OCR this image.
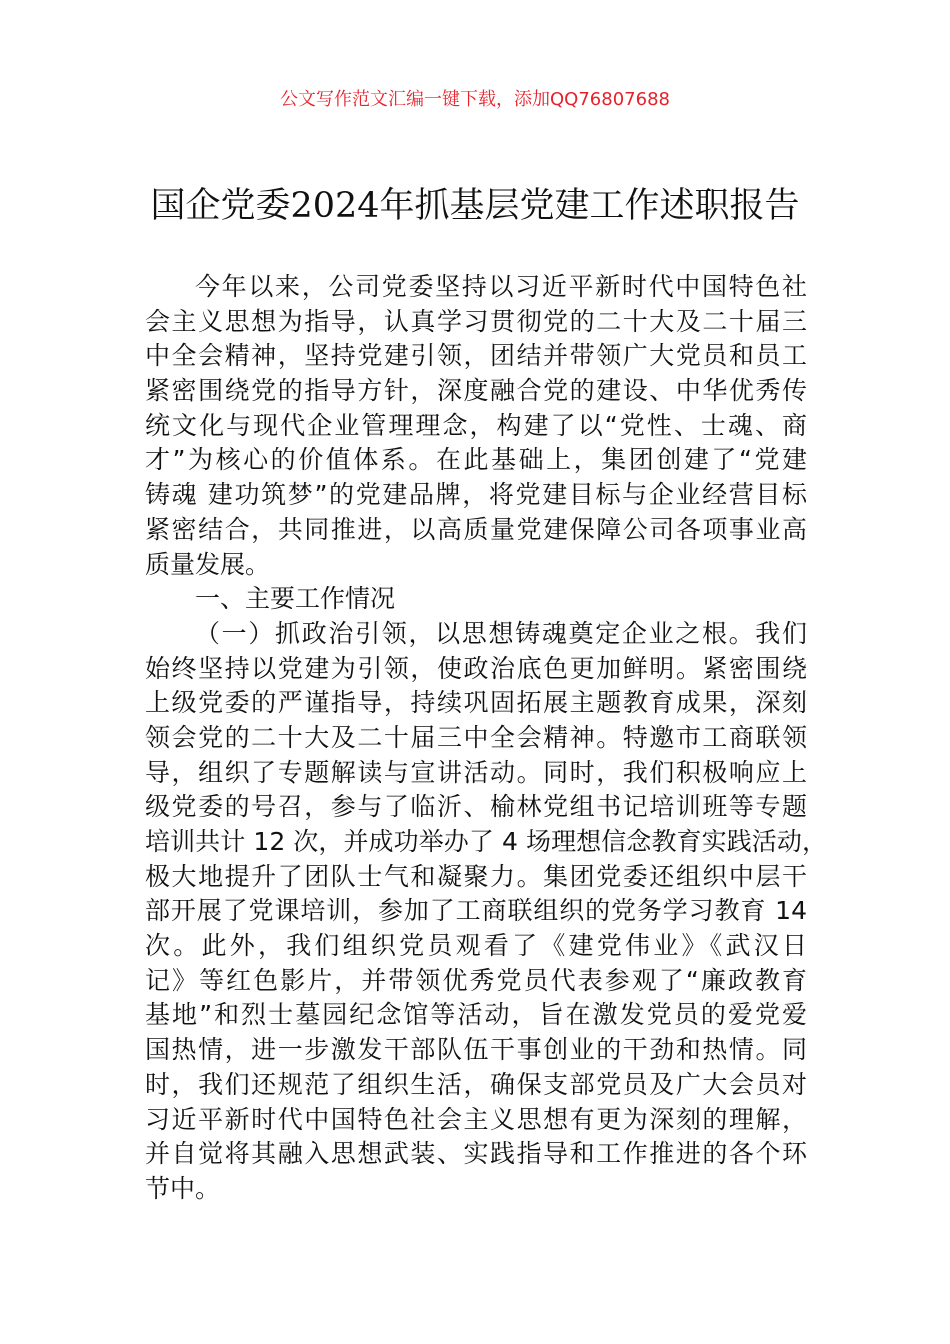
公文写作范文汇编一键下载，添加QQ76807688
国企党委2024年抓基层党建工作述职报告
今年以来，公司党委坚持以习近平新时代中国特色社
会主义思想为指导，认真学习贯彻党的二十大及二十届三
中全会精神，坚持党建引领，团结并带领广大党员和员工
紧密围绕党的指导方针，深度融合党的建设、中华优秀传
统文化与现代企业管理理念，构建了以“党性、士魂、商
才”为核心的价值体系。在此基础上，集团创建了“党建
铸魂 建功筑梦”的党建品牌，将党建目标与企业经营目标
紧密结合，共同推进，以高质量党建保障公司各项事业高
质量发展。
一、主要工作情况
（一）抓政治引领，以思想铸魂奠定企业之根。我们
始终坚持以党建为引领，使政治底色更加鲜明。紧密围绕
上级党委的严谨指导，持续巩固拓展主题教育成果，深刻
领会党的二十大及二十届三中全会精神。特邀市工商联领
导，组织了专题解读与宣讲活动。同时，我们积极响应上
级党委的号召，参与了临沂、榆林党组书记培训班等专题
培训共计 12 次，并成功举办了 4 场理想信念教育实践活动，
极大地提升了团队士气和凝聚力。集团党委还组织中层干
部开展了党课培训，参加了工商联组织的党务学习教育 14
次。此外，我们组织党员观看了《建党伟业》《武汉日
记》等红色影片，并带领优秀党员代表参观了“廉政教育
基地”和烈士墓园纪念馆等活动，旨在激发党员的爱党爱
国热情，进一步激发干部队伍干事创业的干劲和热情。同
时，我们还规范了组织生活，确保支部党员及广大会员对
习近平新时代中国特色社会主义思想有更为深刻的理解，
并自觉将其融入思想武装、实践指导和工作推进的各个环
节中。
